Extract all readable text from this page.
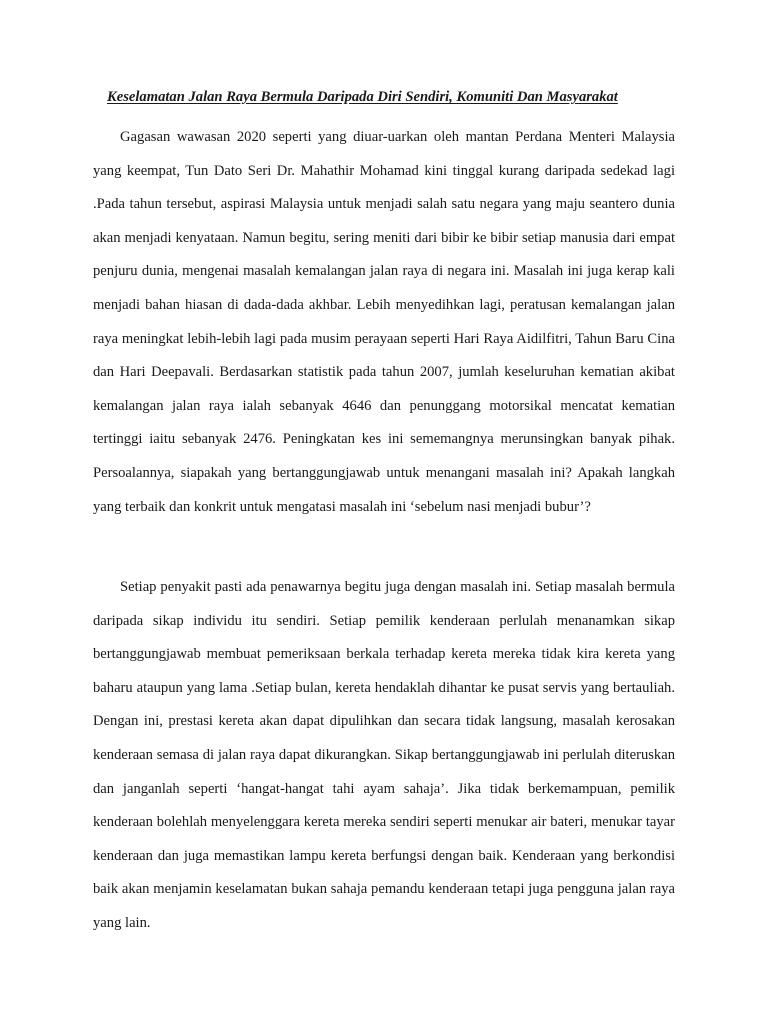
Keselamatan Jalan Raya Bermula Daripada Diri Sendiri, Komuniti Dan Masyarakat

Gagasan wawasan 2020 seperti yang diuar-uarkan oleh mantan Perdana Menteri Malaysia yang keempat, Tun Dato Seri Dr. Mahathir Mohamad kini tinggal kurang daripada sedekad lagi .Pada tahun tersebut, aspirasi Malaysia untuk menjadi salah satu negara yang maju seantero dunia akan menjadi kenyataan. Namun begitu, sering meniti dari bibir ke bibir setiap manusia dari empat penjuru dunia, mengenai masalah kemalangan jalan raya di negara ini. Masalah ini juga kerap kali menjadi bahan hiasan di dada-dada akhbar. Lebih menyedihkan lagi, peratusan kemalangan jalan raya meningkat lebih-lebih lagi pada musim perayaan seperti Hari Raya Aidilfitri, Tahun Baru Cina dan Hari Deepavali. Berdasarkan statistik pada tahun 2007, jumlah keseluruhan kematian akibat kemalangan jalan raya ialah sebanyak 4646 dan penunggang motorsikal mencatat kematian tertinggi iaitu sebanyak 2476. Peningkatan kes ini sememangnya merunsingkan banyak pihak. Persoalannya, siapakah yang bertanggungjawab untuk menangani masalah ini? Apakah langkah yang terbaik dan konkrit untuk mengatasi masalah ini ‘sebelum nasi menjadi bubur’?

Setiap penyakit pasti ada penawarnya begitu juga dengan masalah ini. Setiap masalah bermula daripada sikap individu itu sendiri. Setiap pemilik kenderaan perlulah menanamkan sikap bertanggungjawab membuat pemeriksaan berkala terhadap kereta mereka tidak kira kereta yang baharu ataupun yang lama .Setiap bulan, kereta hendaklah dihantar ke pusat servis yang bertauliah. Dengan ini, prestasi kereta akan dapat dipulihkan dan secara tidak langsung, masalah kerosakan kenderaan semasa di jalan raya dapat dikurangkan. Sikap bertanggungjawab ini perlulah diteruskan dan janganlah seperti ‘hangat-hangat tahi ayam sahaja’. Jika tidak berkemampuan, pemilik kenderaan bolehlah menyelenggara kereta mereka sendiri seperti menukar air bateri, menukar tayar kenderaan dan juga memastikan lampu kereta berfungsi dengan baik. Kenderaan yang berkondisi baik akan menjamin keselamatan bukan sahaja pemandu kenderaan tetapi juga pengguna jalan raya yang lain.
